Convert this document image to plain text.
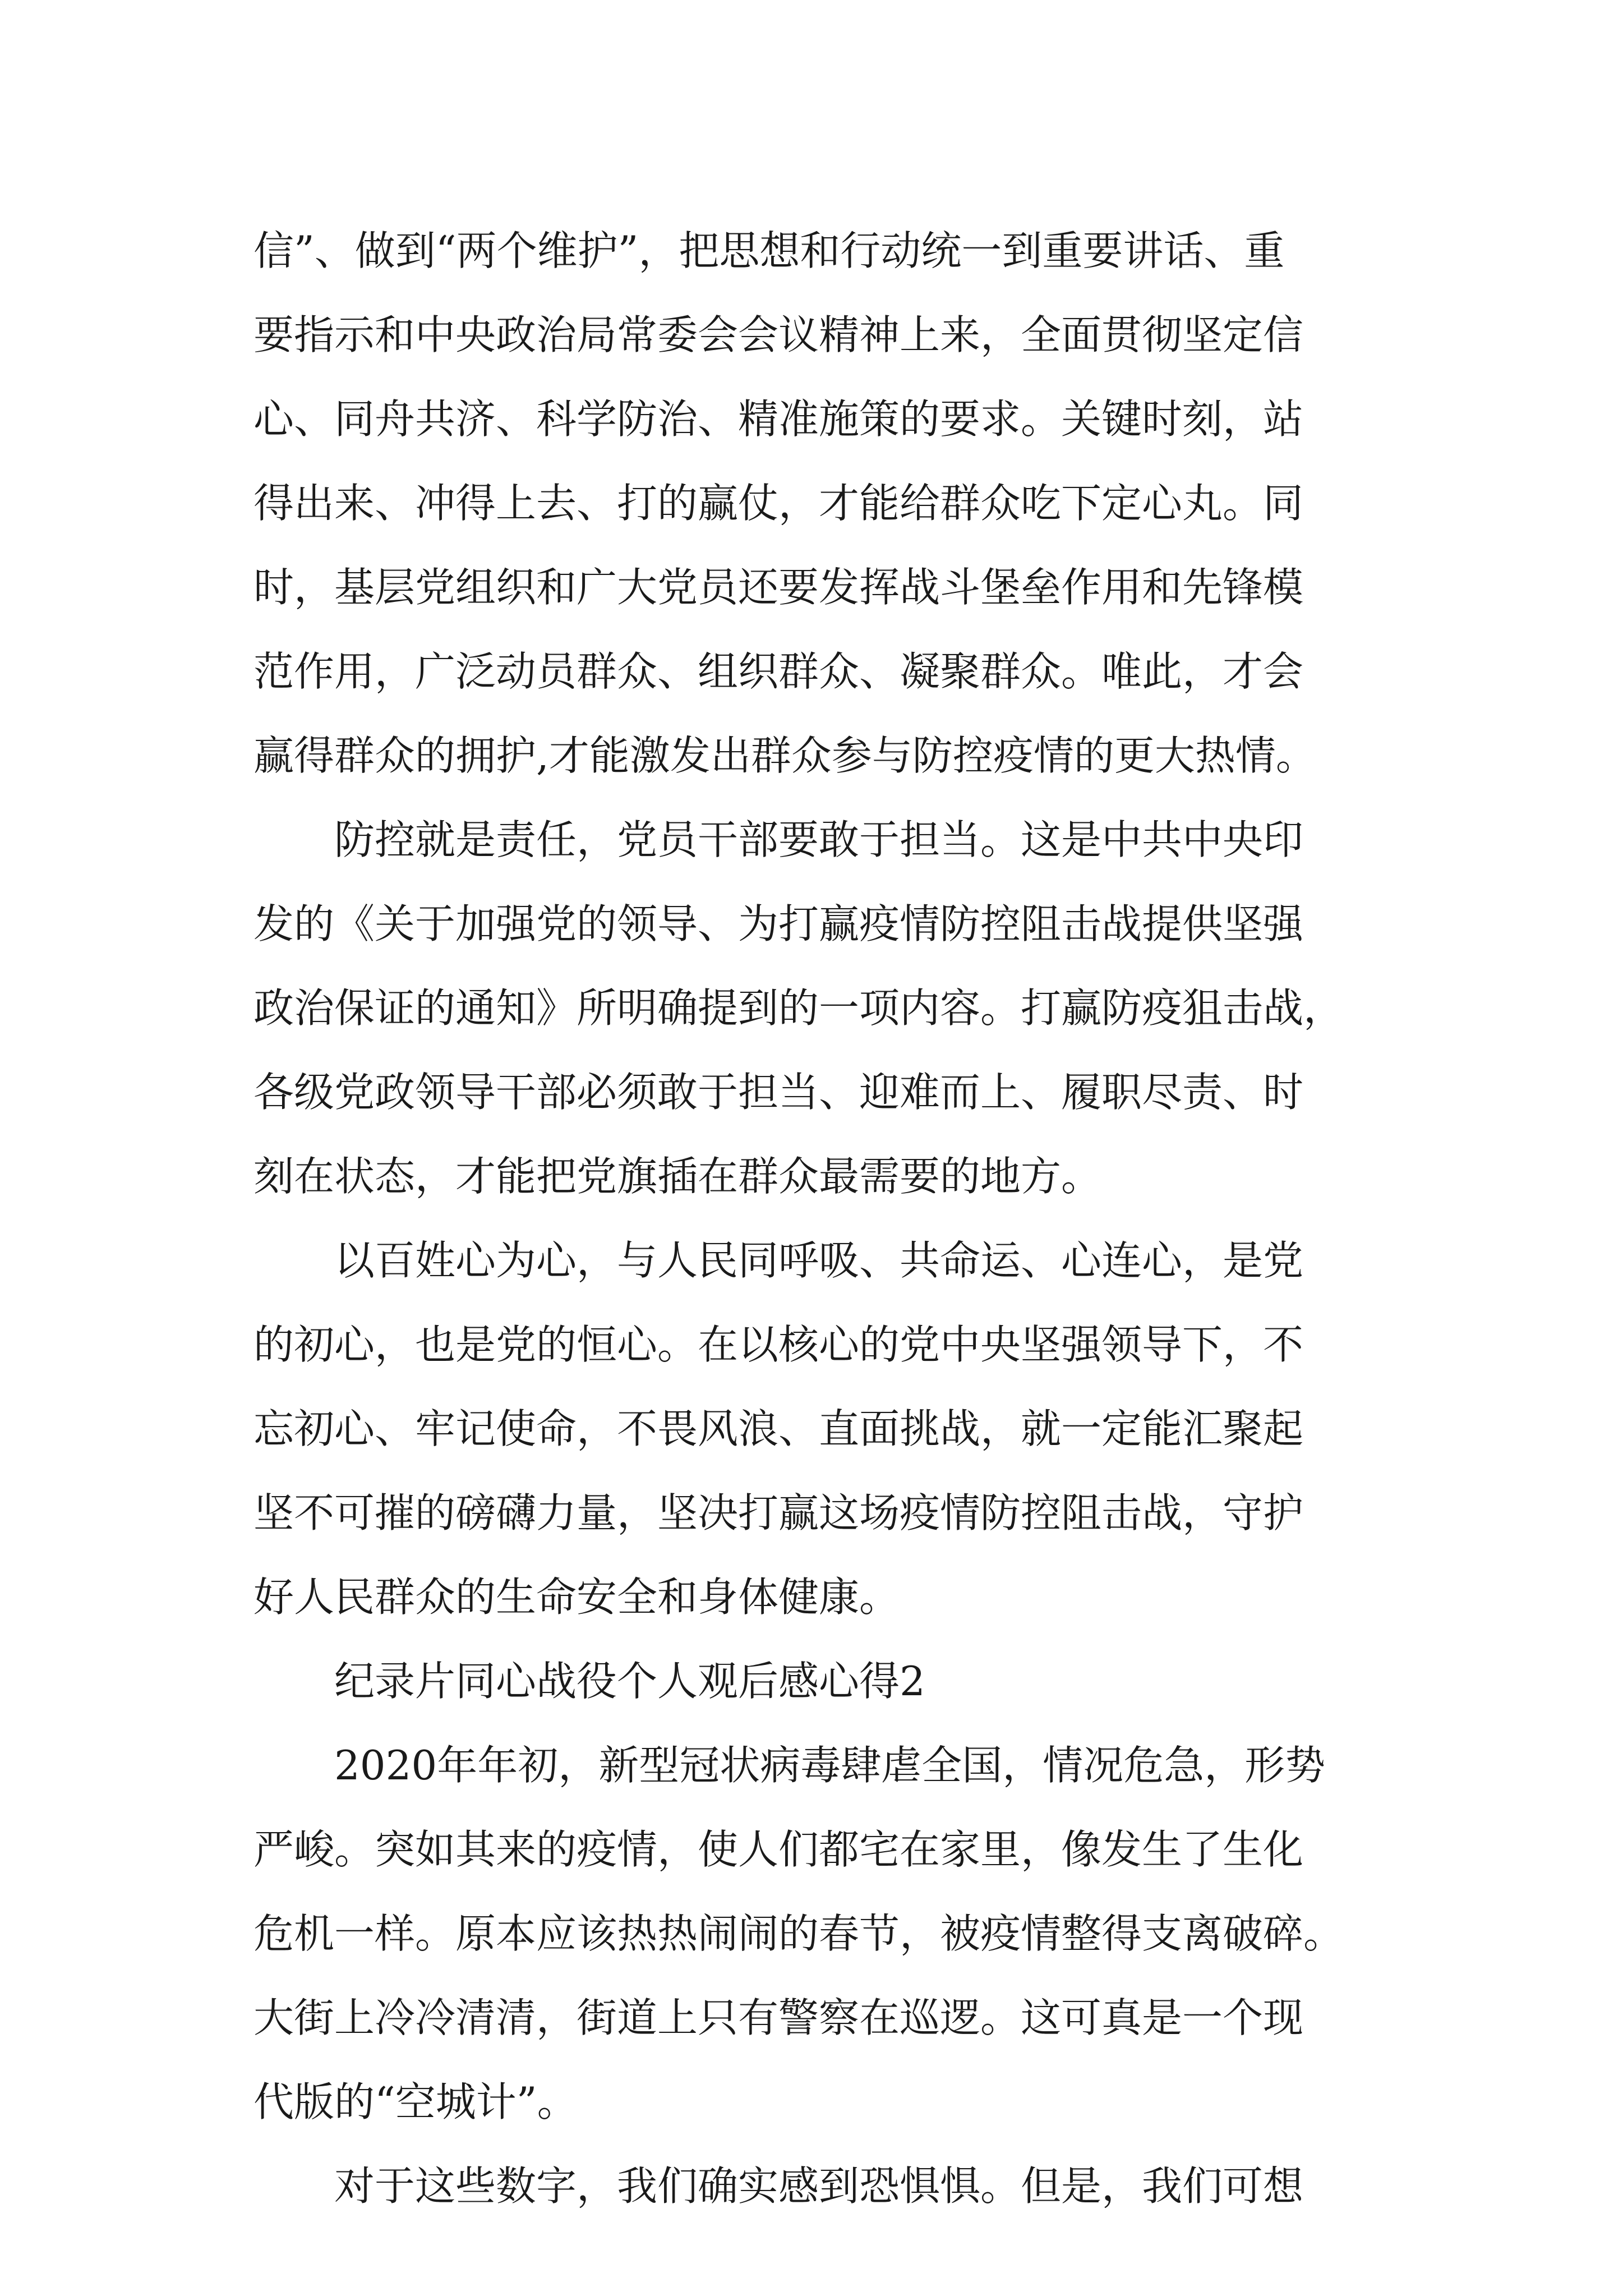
信”、做到“两个维护”，把思想和行动统一到重要讲话、重
要指示和中央政治局常委会会议精神上来，全面贯彻坚定信
心、同舟共济、科学防治、精准施策的要求。关键时刻，站
得出来、冲得上去、打的赢仗，才能给群众吃下定心丸。同
时，基层党组织和广大党员还要发挥战斗堡垒作用和先锋模
范作用，广泛动员群众、组织群众、凝聚群众。唯此，才会
赢得群众的拥护,才能激发出群众参与防控疫情的更大热情。
防控就是责任，党员干部要敢于担当。这是中共中央印
发的《关于加强党的领导、为打赢疫情防控阻击战提供坚强
政治保证的通知》所明确提到的一项内容。打赢防疫狙击战，
各级党政领导干部必须敢于担当、迎难而上、履职尽责、时
刻在状态，才能把党旗插在群众最需要的地方。
以百姓心为心，与人民同呼吸、共命运、心连心，是党
的初心，也是党的恒心。在以核心的党中央坚强领导下，不
忘初心、牢记使命，不畏风浪、直面挑战，就一定能汇聚起
坚不可摧的磅礴力量，坚决打赢这场疫情防控阻击战，守护
好人民群众的生命安全和身体健康。
纪录片同心战役个人观后感心得2
2020年年初，新型冠状病毒肆虐全国，情况危急，形势
严峻。突如其来的疫情，使人们都宅在家里，像发生了生化
危机一样。原本应该热热闹闹的春节，被疫情整得支离破碎。
大街上冷冷清清，街道上只有警察在巡逻。这可真是一个现
代版的“空城计”。
对于这些数字，我们确实感到恐惧惧。但是，我们可想
